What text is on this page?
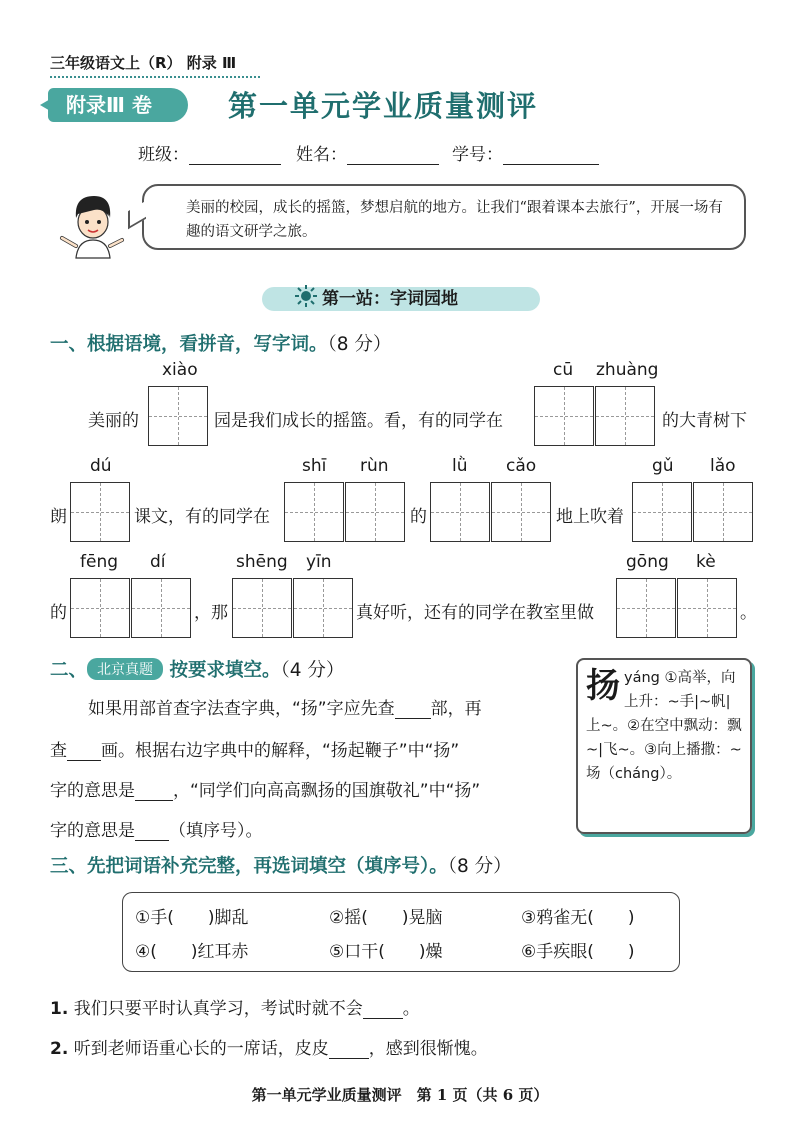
三年级语文上（R） 附录 Ⅲ
附录Ⅲ 卷	第一单元学业质量测评
班级：	姓名：	学号：
美丽的校园，成长的摇篮，梦想启航的地方。让我们“跟着课本去旅行”，开展一场有趣的语文研学之旅。
第一站：字词园地
一、根据语境，看拼音，写字词。（8 分）
xiào	cū zhuàng
美丽的	园是我们成长的摇篮。看，有的同学在	的大青树下
dú	shī rùn	lǜ cǎo	gǔ lǎo
朗	课文，有的同学在	的	地上吹着
fēng dí	shēng yīn	gōng kè
的	，那	真好听，还有的同学在教室里做	。
二、 北京真题 按要求填空。（4 分）
如果用部首查字法查字典，“扬”字应先查 部，再
查 画。根据右边字典中的解释，“扬起鞭子”中“扬”
字的意思是 ，“同学们向高高飘扬的国旗敬礼”中“扬”
字的意思是 （填序号）。
扬yáng ①高举，向上升：~手|~帆|上~。②在空中飘动：飘~|飞~。③向上播撒：~场（cháng）。
三、先把词语补充完整，再选词填空（填序号）。（8 分）
①手(　　)脚乱	②摇(　　)晃脑	③鸦雀无(　　)
④(　　)红耳赤	⑤口干(　　)燥	⑥手疾眼(　　)
1. 我们只要平时认真学习，考试时就不会 。
2. 听到老师语重心长的一席话，皮皮 ，感到很惭愧。
第一单元学业质量测评　第 1 页（共 6 页）
